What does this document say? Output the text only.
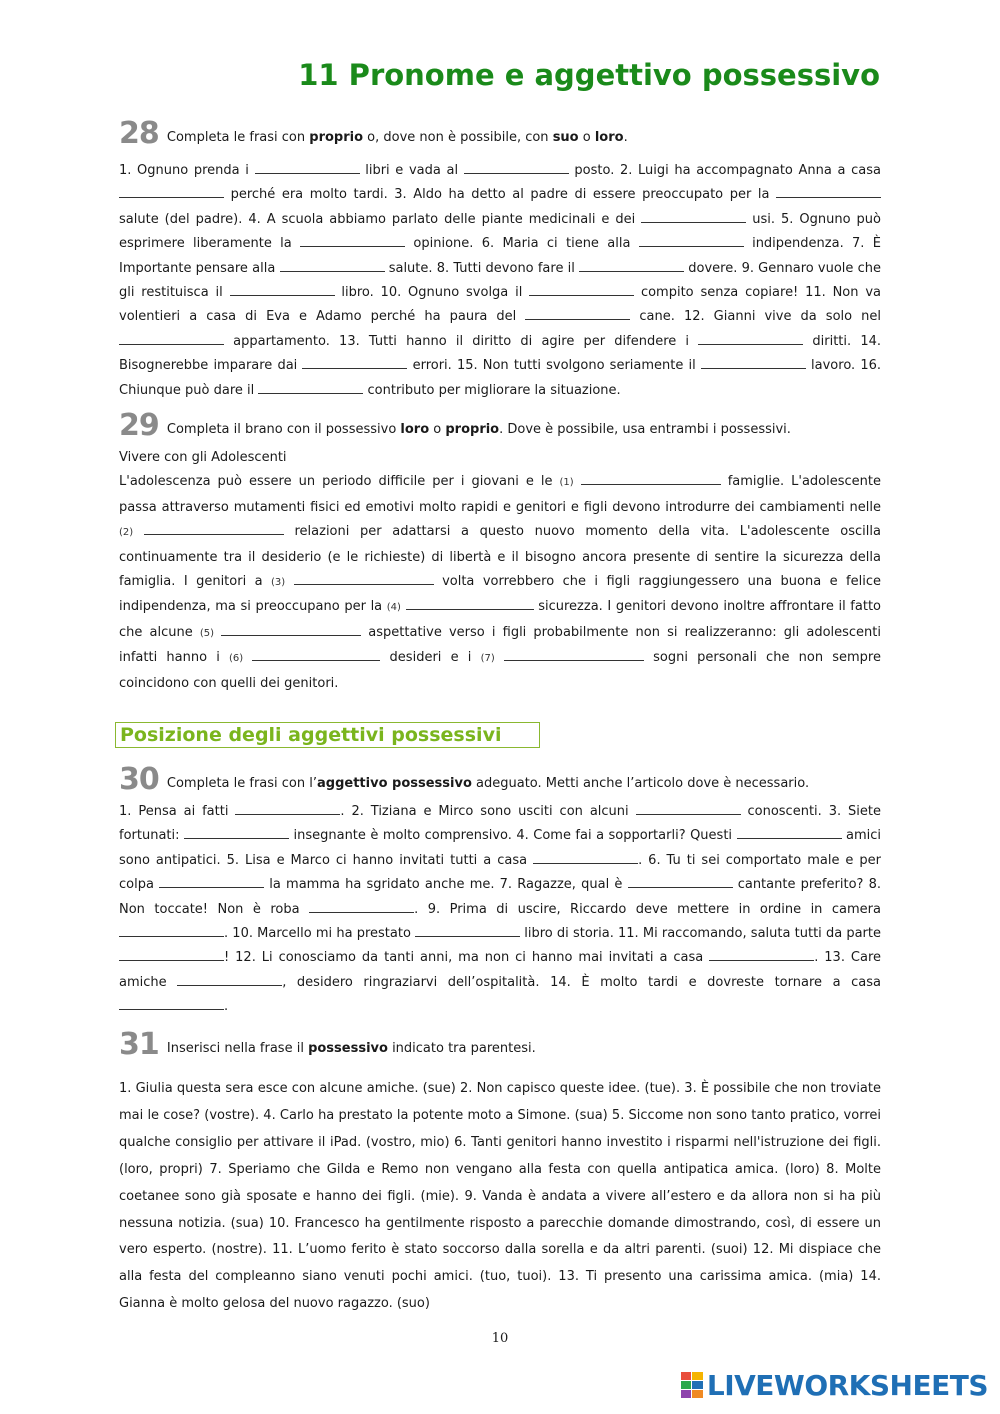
11 Pronome e aggettivo possessivo
28 Completa le frasi con proprio o, dove non è possibile, con suo o loro.

1. Ognuno prenda i	libri e vada al	posto. 2. Luigi ha accompagnato Anna a casa  perché era molto tardi. 3. Aldo ha detto al padre di essere preoccupato per la  salute (del padre). 4. A scuola abbiamo parlato delle piante medicinali e dei	usi. 5. Ognuno può esprimere liberamente la	opinione. 6. Maria ci tiene alla	indipendenza. 7. È Importante pensare alla	salute. 8. Tutti devono fare il	dovere. 9. Gennaro vuole che gli restituisca il	libro. 10. Ognuno svolga il	compito senza copiare! 11. Non va volentieri a casa di Eva e Adamo perché ha paura del	cane. 12. Gianni vive da solo nel  appartamento. 13. Tutti hanno il diritto di agire per difendere i	diritti. 14. Bisognerebbe imparare dai	errori. 15. Non tutti svolgono seriamente il	lavoro. 16. Chiunque può dare il	contributo per migliorare la situazione.

29 Completa il brano con il possessivo loro o proprio. Dove è possibile, usa entrambi i possessivi.

Vivere con gli Adolescenti

L'adolescenza può essere un periodo difficile per i giovani e le (1)	famiglie. L'adolescente passa attraverso mutamenti fisici ed emotivi molto rapidi e genitori e figli devono introdurre dei cambiamenti nelle (2)	relazioni per adattarsi a questo nuovo momento della vita. L'adolescente oscilla continuamente tra il desiderio (e le richieste) di libertà e il bisogno ancora presente di sentire la sicurezza della famiglia. I genitori a (3)	volta vorrebbero che i figli raggiungessero una buona e felice indipendenza, ma si preoccupano per la (4)	sicurezza. I genitori devono inoltre affrontare il fatto che alcune (5)	aspettative verso i figli probabilmente non si realizzeranno: gli adolescenti infatti hanno i (6)	desideri e i (7)	sogni personali che non sempre coincidono con quelli dei genitori.

Posizione degli aggettivi possessivi
30 Completa le frasi con l’aggettivo possessivo adeguato. Metti anche l’articolo dove è necessario.

1. Pensa ai fatti	. 2. Tiziana e Mirco sono usciti con alcuni	conoscenti. 3. Siete fortunati:	insegnante è molto comprensivo. 4. Come fai a sopportarli? Questi	amici sono antipatici. 5. Lisa e Marco ci hanno invitati tutti a casa	. 6. Tu ti sei comportato male e per colpa	la mamma ha sgridato anche me. 7. Ragazze, qual è	cantante preferito? 8. Non toccate! Non è roba	. 9. Prima di uscire, Riccardo deve mettere in ordine in camera . 10. Marcello mi ha prestato	libro di storia. 11. Mi raccomando, saluta tutti da parte ! 12. Li conosciamo da tanti anni, ma non ci hanno mai invitati a casa	. 13. Care amiche	, desidero ringraziarvi dell’ospitalità. 14. È molto tardi e dovreste tornare a casa .

31 Inserisci nella frase il possessivo indicato tra parentesi.

1. Giulia questa sera esce con alcune amiche. (sue) 2. Non capisco queste idee. (tue). 3. È possibile che non troviate mai le cose? (vostre). 4. Carlo ha prestato la potente moto a Simone. (sua) 5. Siccome non sono tanto pratico, vorrei qualche consiglio per attivare il iPad. (vostro, mio) 6. Tanti genitori hanno investito i risparmi nell'istruzione dei figli. (loro, propri) 7. Speriamo che Gilda e Remo non vengano alla festa con quella antipatica amica. (loro) 8. Molte coetanee sono già sposate e hanno dei figli. (mie). 9. Vanda è andata a vivere all’estero e da allora non si ha più nessuna notizia. (sua) 10. Francesco ha gentilmente risposto a parecchie domande dimostrando, così, di essere un vero esperto. (nostre). 11. L’uomo ferito è stato soccorso dalla sorella e da altri parenti. (suoi) 12. Mi dispiace che alla festa del compleanno siano venuti pochi amici. (tuo, tuoi). 13. Ti presento una carissima amica. (mia) 14. Gianna è molto gelosa del nuovo ragazzo. (suo)

10
LIVEWORKSHEETS
